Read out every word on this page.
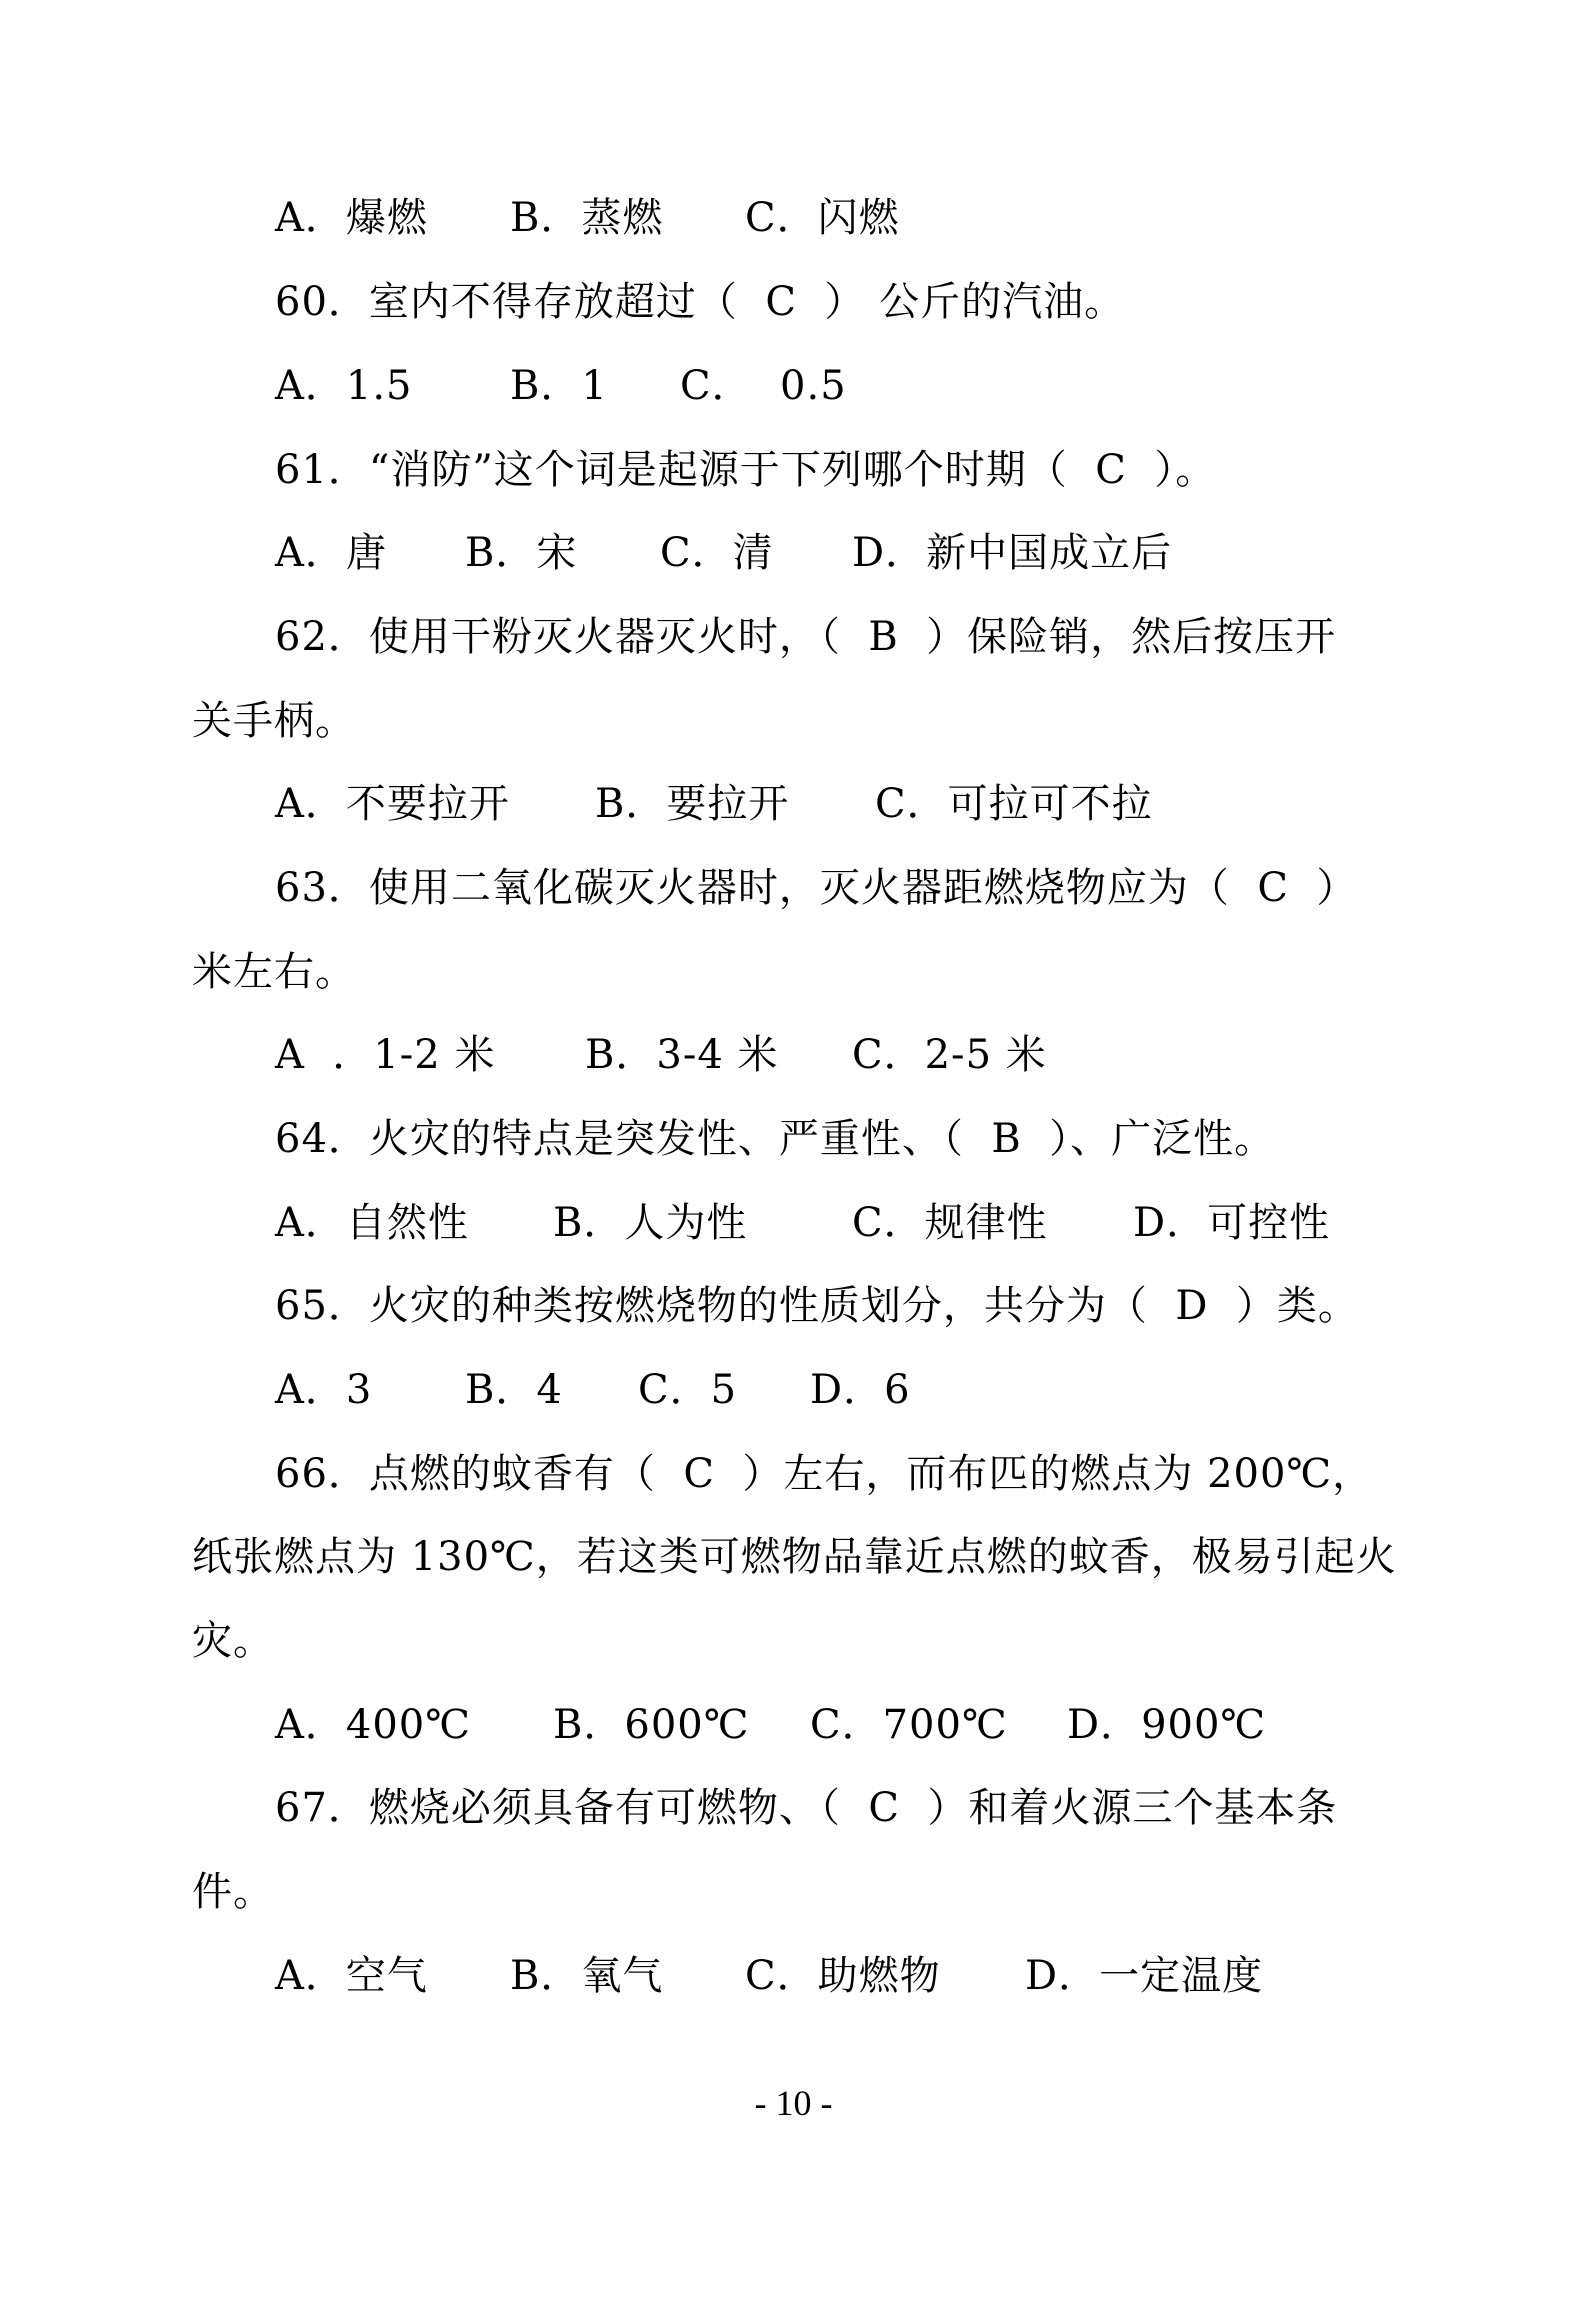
A．爆燃

B．蒸燃

C．闪燃

60．室内不得存放超过（  C  ） 公斤的汽油。

A．1.5

B．1

C．  0.5

61．“消防”这个词是起源于下列哪个时期（  C  ）。

A．唐

B．宋

C．清

D．新中国成立后

62．使用干粉灭火器灭火时，（  B  ）保险销，然后按压开
关手柄。

A．不要拉开

B．要拉开

C．可拉可不拉

63．使用二氧化碳灭火器时，灭火器距燃烧物应为（  C  ）
米左右。

A  ．1-2 米

B．3-4 米

C．2-5 米

64．火灾的特点是突发性、严重性、（  B  ）、广泛性。

A．自然性

B．人为性

	C．规律性

D．可控性

65．火灾的种类按燃烧物的性质划分，共分为（  D  ）类。

A．3

B．4

C．5

D．6

66．点燃的蚊香有（  C  ）左右，而布匹的燃点为 200℃，
纸张燃点为 130℃，若这类可燃物品靠近点燃的蚊香，极易引起火
灾。

A．400℃

B．600℃

C．700℃

D．900℃

67．燃烧必须具备有可燃物、（  C  ）和着火源三个基本条
件。

A．空气

B．氧气

C．助燃物

D．一定温度

- 10 -
